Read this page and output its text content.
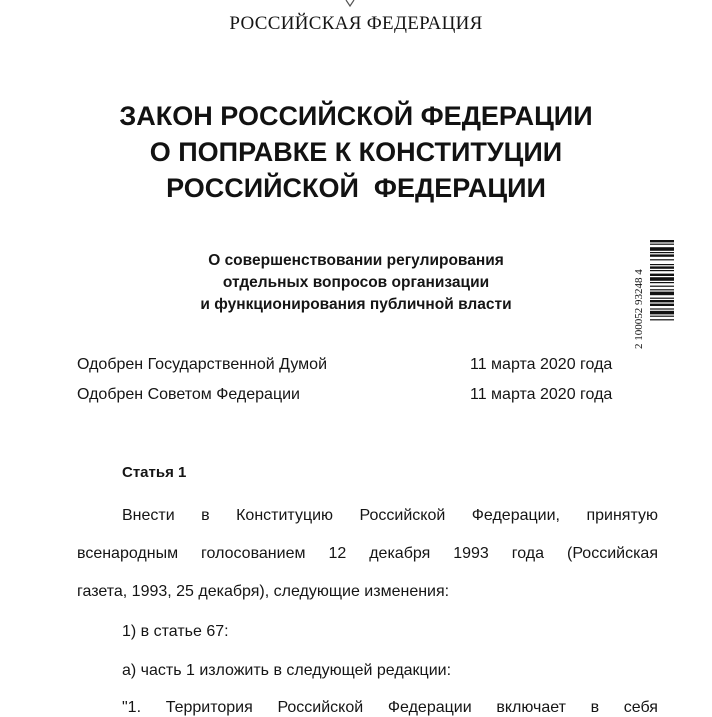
РОССИЙСКАЯ ФЕДЕРАЦИЯ
ЗАКОН РОССИЙСКОЙ ФЕДЕРАЦИИ
О ПОПРАВКЕ К КОНСТИТУЦИИ
РОССИЙСКОЙ  ФЕДЕРАЦИИ
О совершенствовании регулирования
отдельных вопросов организации
и функционирования публичной власти
Одобрен Государственной Думой	11 марта 2020 года
Одобрен Советом Федерации	11 марта 2020 года
Статья 1
Внести в Конституцию Российской Федерации, принятую
всенародным голосованием 12 декабря 1993 года (Российская
газета, 1993, 25 декабря), следующие изменения:
1) в статье 67:
а) часть 1 изложить в следующей редакции:
"1. Территория Российской Федерации включает в себя
2 100052 93248 4
